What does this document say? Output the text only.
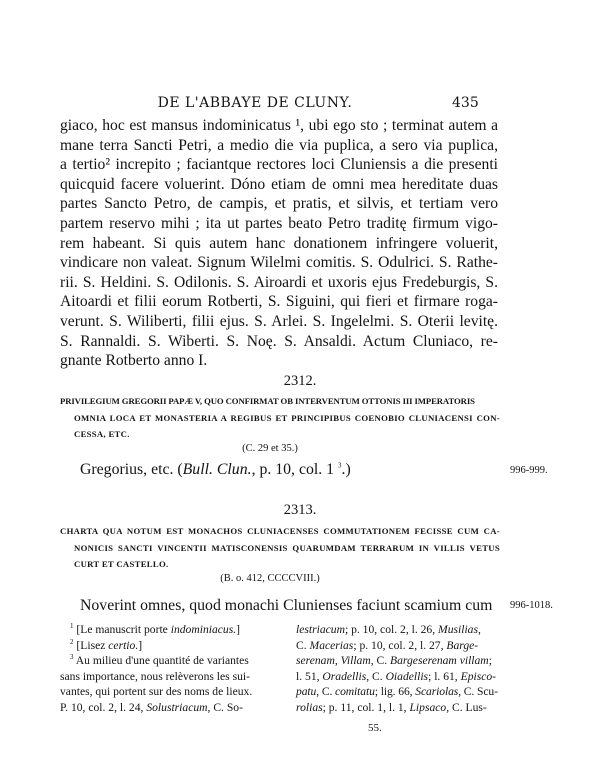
DE L'ABBAYE DE CLUNY.	435
giaco, hoc est mansus indominicatus ¹, ubi ego sto ; terminat autem a
mane terra Sancti Petri, a medio die via puplica, a sero via puplica,
a tertio² increpito ; faciantque rectores loci Cluniensis a die presenti
quicquid facere voluerint. Dóno etiam de omni mea hereditate duas
partes Sancto Petro, de campis, et pratis, et silvis, et tertiam vero
partem reservo mihi ; ita ut partes beato Petro traditę firmum vigo-
rem habeant. Si quis autem hanc donationem infringere voluerit,
vindicare non valeat. Signum Wilelmi comitis. S. Odulrici. S. Rathe-
rii. S. Heldini. S. Odilonis. S. Airoardi et uxoris ejus Fredeburgis, S.
Aitoardi et filii eorum Rotberti, S. Siguini, qui fieri et firmare roga-
verunt. S. Wiliberti, filii ejus. S. Arlei. S. Ingelelmi. S. Oterii levitę.
S. Rannaldi. S. Wiberti. S. Noę. S. Ansaldi. Actum Cluniaco, re-
gnante Rotberto anno I.
2312.
PRIVILEGIUM GREGORII PAPÆ V, QUO CONFIRMAT OB INTERVENTUM OTTONIS III IMPERATORIS
OMNIA LOCA ET MONASTERIA A REGIBUS ET PRINCIPIBUS COENOBIO CLUNIACENSI CON-
CESSA, ETC.
(C. 29 et 35.)
Gregorius, etc. (Bull. Clun., p. 10, col. 1 $^3$.)	996-999.
2313.
CHARTA QUA NOTUM EST MONACHOS CLUNIACENSES COMMUTATIONEM FECISSE CUM CA-
NONICIS SANCTI VINCENTII MATISCONENSIS QUARUMDAM TERRARUM IN VILLIS VETUS
CURT ET CASTELLO.
(B. o. 412, CCCCVIII.)
Noverint omnes, quod monachi Clunienses faciunt scamium cum 996-1018.
$^1$ [Le manuscrit porte indominiacus.]
$^2$ [Lisez certio.]
$^3$ Au milieu d'une quantité de variantes
sans importance, nous relèverons les sui-
vantes, qui portent sur des noms de lieux.
P. 10, col. 2, l. 24, Solustriacum, C. So-
lestriacum; p. 10, col. 2, l. 26, Musilias,
C. Macerias; p. 10, col. 2, l. 27, Barge-
serenam, Villam, C. Bargeserenam villam;
l. 51, Oradellis, C. Oiadellis; l. 61, Episco-
patu, C. comitatu; lig. 66, Scariolas, C. Scu-
rolias; p. 11, col. 1, l. 1, Lipsaco, C. Lus-
55.
